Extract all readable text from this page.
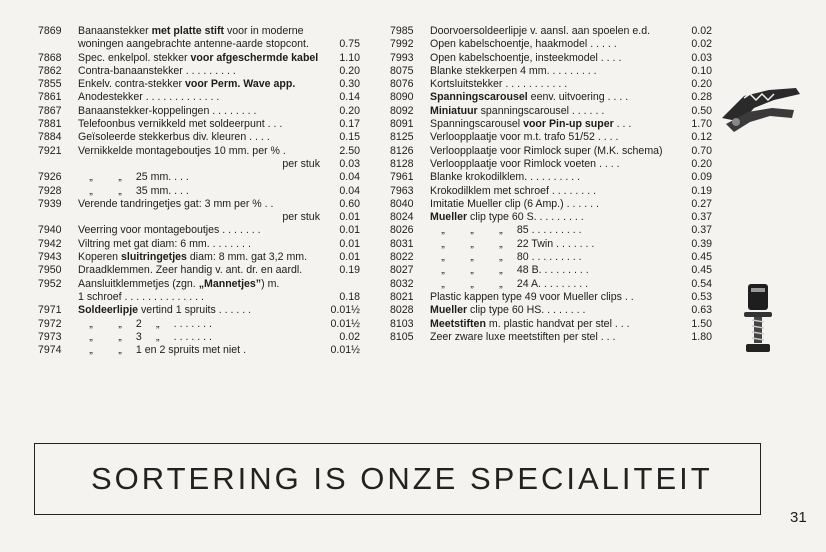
7869	Banaanstekker met platte stift voor in moderne
woningen aangebrachte antenne-aarde stopcont.	0.75
7868	Spec. enkelpol. stekker voor afgeschermde kabel	1.10
7862	Contra-banaanstekker . . . . . . . . .	0.20
7855	Enkelv. contra-stekker voor Perm. Wave app.	0.30
7861	Anodestekker . . . . . . . . . . . . .	0.14
7867	Banaanstekker-koppelingen . . . . . . . .	0.20
7881	Telefoonbus vernikkeld met soldeerpunt . . .	0.17
7884	Geïsoleerde stekkerbus div. kleuren . . . .	0.15
7921	Vernikkelde montageboutjes 10 mm. per % .	2.50
per stuk	0.03
7926	„ „ 25 mm. . . .	0.04
7928	„ „ 35 mm. . . .	0.04
7939	Verende tandringetjes gat: 3 mm per % . .	0.60
per stuk	0.01
7940	Veerring voor montageboutjes . . . . . . .	0.01
7942	Viltring met gat diam: 6 mm. . . . . . . .	0.01
7943	Koperen sluitringetjes diam: 8 mm. gat 3,2 mm.	0.01
7950	Draadklemmen. Zeer handig v. ant. dr. en aardl.	0.19
7952	Aansluitklemmetjes (zgn. „Mannetjes”) m.
1 schroef . . . . . . . . . . . . . .	0.18
7971	Soldeerlipje vertind 1 spruits . . . . . .	0.01½
7972	„ „ 2 „ . . . . . . .	0.01½
7973	„ „ 3 „ . . . . . . .	0.02
7974	„ „ 1 en 2 spruits met niet .	0.01½
7985	Doorvoersoldeerlipje v. aansl. aan spoelen e.d.	0.02
7992	Open kabelschoentje, haakmodel . . . . .	0.02
7993	Open kabelschoentje, insteekmodel . . . .	0.03
8075	Blanke stekkerpen 4 mm. . . . . . . . .	0.10
8076	Kortsluitstekker . . . . . . . . . . .	0.20
8090	Spanningscarousel eenv. uitvoering . . . .	0.28
8092	Miniatuur spanningscarousel . . . . . .	0.50
8091	Spanningscarousel voor Pin-up super . . .	1.70
8125	Verloopplaatje voor m.t. trafo 51/52 . . . .	0.12
8126	Verloopplaatje voor Rimlock super (M.K. schema)	0.70
8128	Verloopplaatje voor Rimlock voeten . . . .	0.20
7961	Blanke krokodilklem. . . . . . . . . .	0.09
7963	Krokodilklem met schroef . . . . . . . .	0.19
8040	Imitatie Mueller clip (6 Amp.) . . . . . .	0.27
8024	Mueller clip type 60 S. . . . . . . . .	0.37
8026	„ „ „ 85 . . . . . . . . .	0.37
8031	„ „ „ 22 Twin . . . . . . .	0.39
8022	„ „ „ 80 . . . . . . . . .	0.45
8027	„ „ „ 48 B. . . . . . . . .	0.45
8032	„ „ „ 24 A. . . . . . . . .	0.54
8021	Plastic kappen type 49 voor Mueller clips . .	0.53
8028	Mueller clip type 60 HS. . . . . . . .	0.63
8103	Meetstiften m. plastic handvat per stel . . .	1.50
8105	Zeer zware luxe meetstiften per stel . . .	1.80
SORTERING IS ONZE SPECIALITEIT
31
